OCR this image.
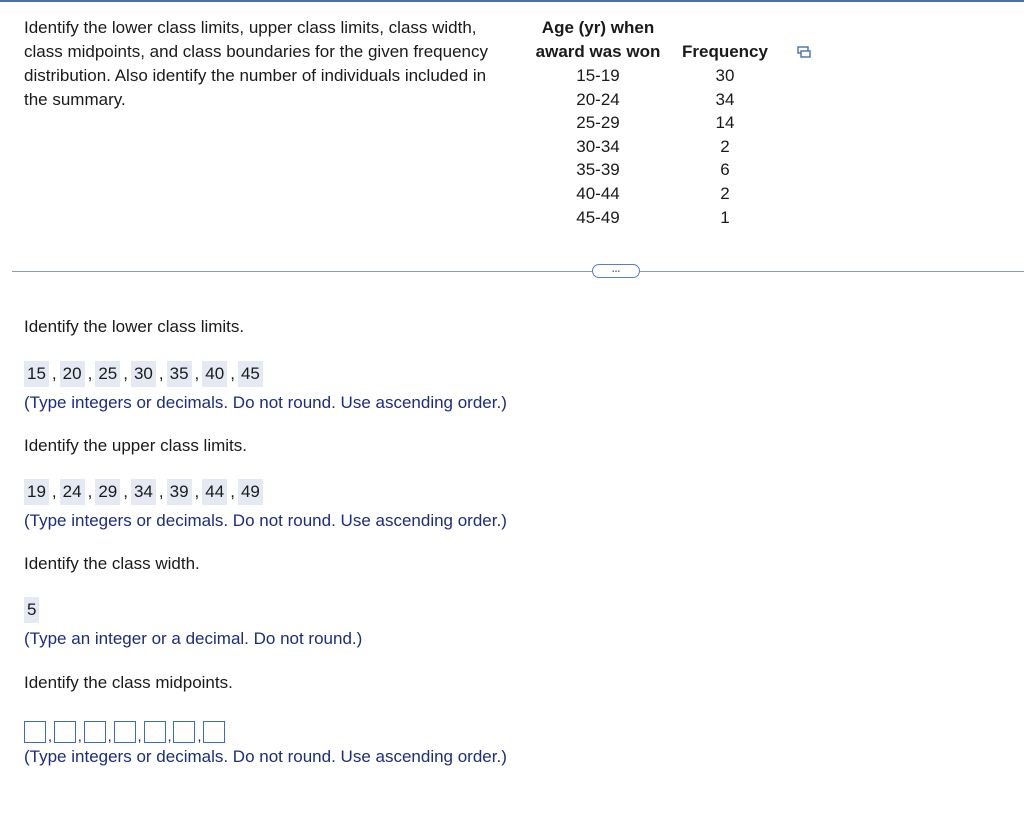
Identify the lower class limits, upper class limits, class width, class midpoints, and class boundaries for the given frequency distribution. Also identify the number of individuals included in the summary.
Age (yr) when
award was won	Frequency
15-19	30
20-24	34
25-29	14
30-34	2
35-39	6
40-44	2
45-49	1
...
Identify the lower class limits.
15 , 20 , 25 , 30 , 35 , 40 , 45
(Type integers or decimals. Do not round. Use ascending order.)
Identify the upper class limits.
19 , 24 , 29 , 34 , 39 , 44 , 49
(Type integers or decimals. Do not round. Use ascending order.)
Identify the class width.
5
(Type an integer or a decimal. Do not round.)
Identify the class midpoints.
, , , , , ,
(Type integers or decimals. Do not round. Use ascending order.)
